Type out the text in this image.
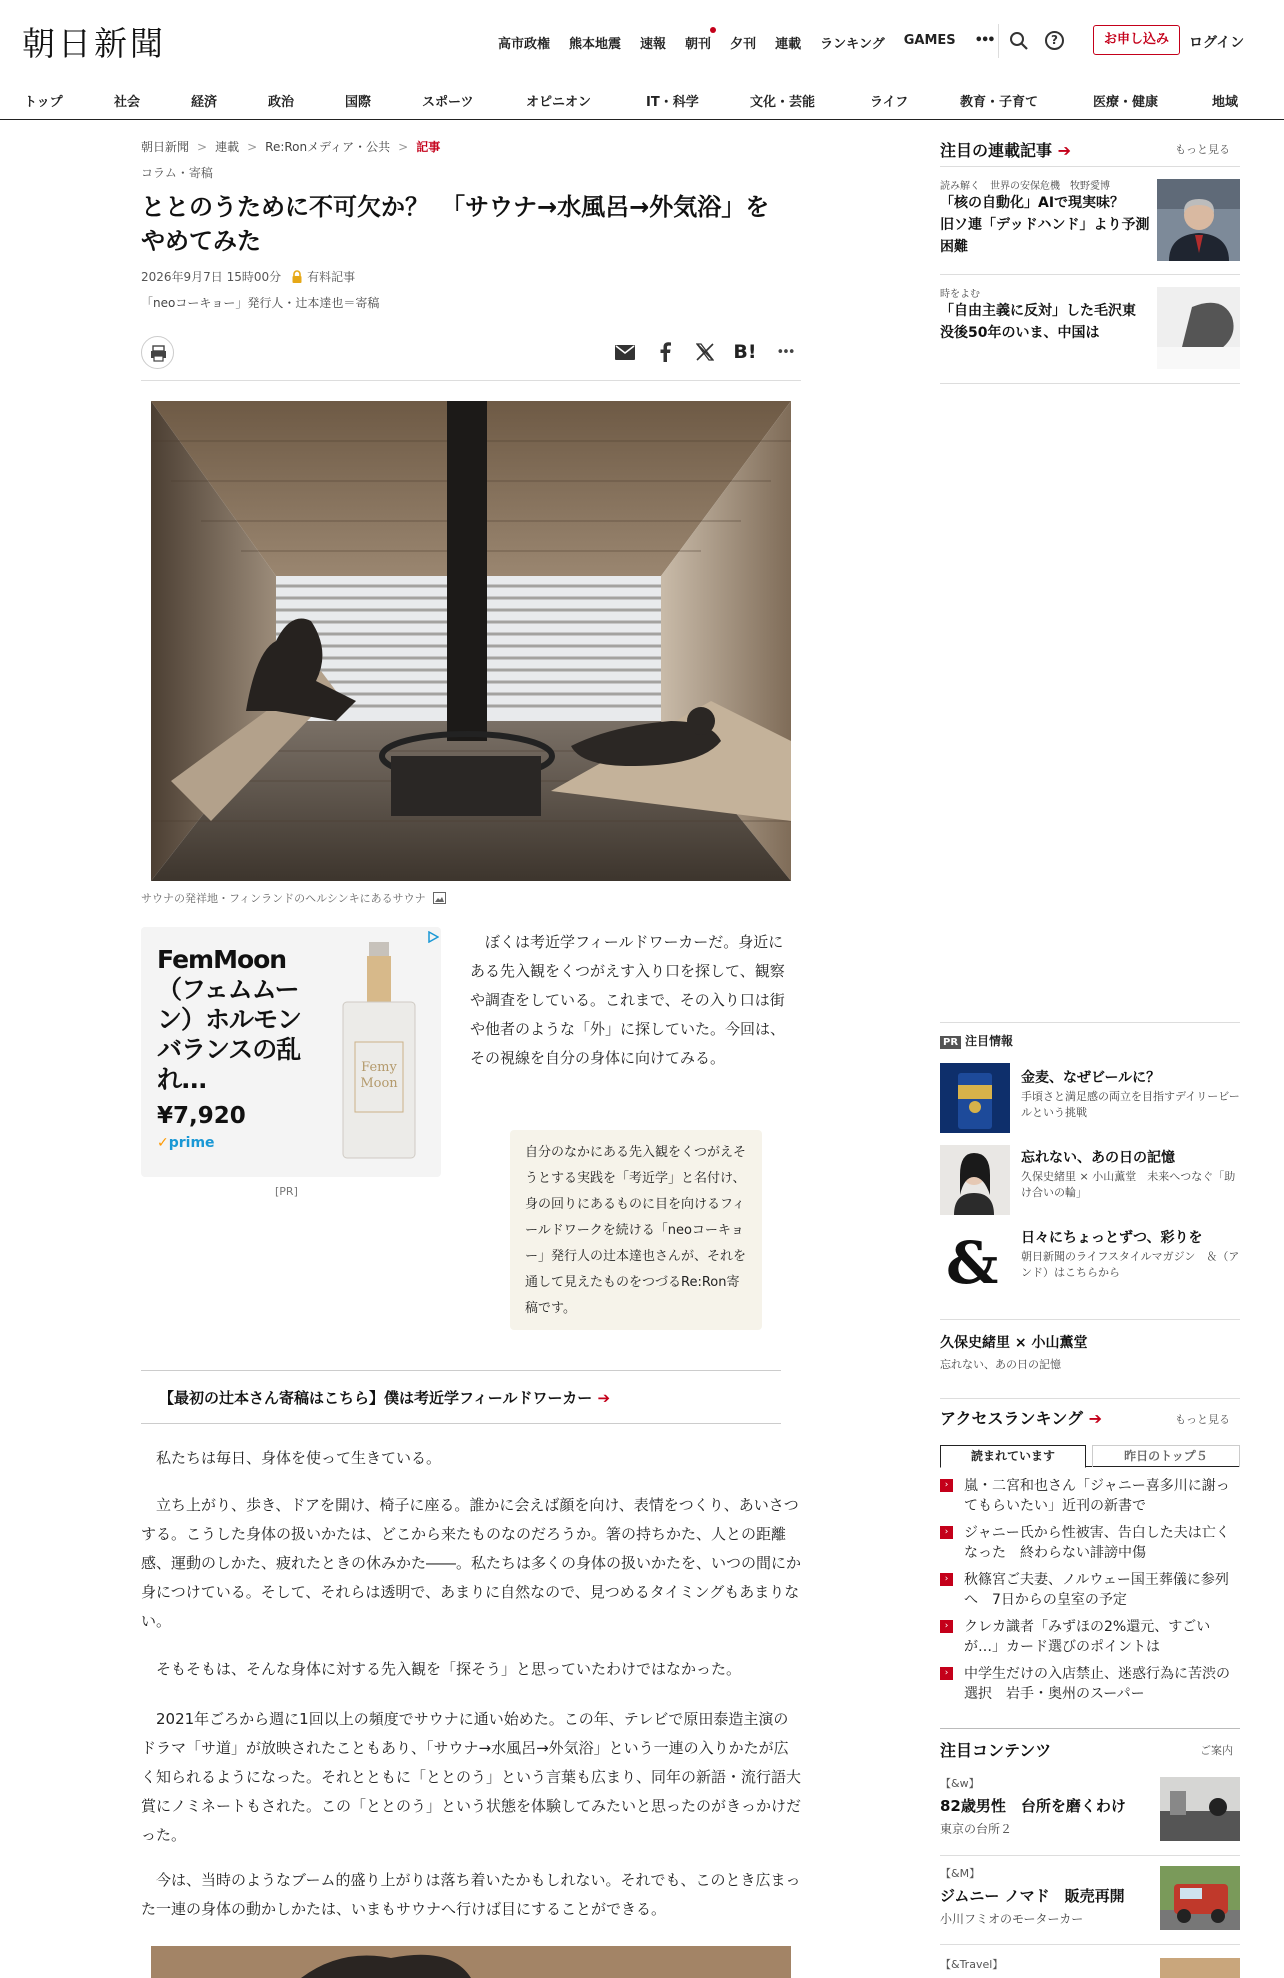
朝日新聞	高市政権 熊本地震 速報 朝刊 夕刊 連載 ランキング GAMES •••	?	お申し込み	ログイン
トップ	社会	経済	政治	国際	スポーツ	オピニオン	IT・科学	文化・芸能	ライフ	教育・子育て	医療・健康	地域
朝日新聞 > 連載 > Re:Ronメディア・公共 > 記事
コラム・寄稿
ととのうために不可欠か？　「サウナ→水風呂→外気浴」をやめてみた
2026年9月7日 15時00分 有料記事
「neoコーキョー」発行人・辻本達也＝寄稿
B! •••
サウナの発祥地・フィンランドのヘルシンキにあるサウナ
FemMoon（フェムムーン）ホルモンバランスの乱れ...
¥7,920
✓prime
Femy Moon
[PR]

ぼくは考近学フィールドワーカーだ。身近にある先入観をくつがえす入り口を探して、観察や調査をしている。これまで、その入り口は街や他者のような「外」に探していた。今回は、その視線を自分の身体に向けてみる。

自分のなかにある先入観をくつがえそうとする実践を「考近学」と名付け、身の回りにあるものに目を向けるフィールドワークを続ける「neoコーキョー」発行人の辻本達也さんが、それを通して見えたものをつづるRe:Ron寄稿です。
【最初の辻本さん寄稿はこちら】僕は考近学フィールドワーカー ➔

私たちは毎日、身体を使って生きている。

立ち上がり、歩き、ドアを開け、椅子に座る。誰かに会えば顔を向け、表情をつくり、あいさつする。こうした身体の扱いかたは、どこから来たものなのだろうか。箸の持ちかた、人との距離感、運動のしかた、疲れたときの休みかた――。私たちは多くの身体の扱いかたを、いつの間にか身につけている。そして、それらは透明で、あまりに自然なので、見つめるタイミングもあまりない。

そもそもは、そんな身体に対する先入観を「探そう」と思っていたわけではなかった。

2021年ごろから週に1回以上の頻度でサウナに通い始めた。この年、テレビで原田泰造主演のドラマ「サ道」が放映されたこともあり、「サウナ→水風呂→外気浴」という一連の入りかたが広く知られるようになった。それとともに「ととのう」という言葉も広まり、同年の新語・流行語大賞にノミネートもされた。この「ととのう」という状態を体験してみたいと思ったのがきっかけだった。

今は、当時のようなブーム的盛り上がりは落ち着いたかもしれない。それでも、このとき広まった一連の身体の動かしかたは、いまもサウナへ行けば目にすることができる。

注目の連載記事 ➔	もっと見る
読み解く　世界の安保危機　牧野愛博
「核の自動化」AIで現実味？　旧ソ連「デッドハンド」より予測困難
時をよむ
「自由主義に反対」した毛沢東　没後50年のいま、中国は
PR 注目情報
金麦、なぜビールに？
手頃さと満足感の両立を目指すデイリービールという挑戦
忘れない、あの日の記憶
久保史緒里 × 小山薫堂　未来へつなぐ「助け合いの輪」
& 日々にちょっとずつ、彩りを
朝日新聞のライフスタイルマガジン　＆（アンド）はこちらから
久保史緒里 × 小山薫堂
忘れない、あの日の記憶
アクセスランキング ➔	もっと見る
読まれています	昨日のトップ５
›	嵐・二宮和也さん「ジャニー喜多川に謝ってもらいたい」近刊の新書で
›	ジャニー氏から性被害、告白した夫は亡くなった　終わらない誹謗中傷
›	秋篠宮ご夫妻、ノルウェー国王葬儀に参列へ　7日からの皇室の予定
›	クレカ識者「みずほの2%還元、すごいが…」カード選びのポイントは
›	中学生だけの入店禁止、迷惑行為に苦渋の選択　岩手・奥州のスーパー
注目コンテンツ	ご案内
【&w】
82歳男性　台所を磨くわけ
東京の台所２
【&M】
ジムニー ノマド　販売再開
小川フミオのモーターカー
【&Travel】
